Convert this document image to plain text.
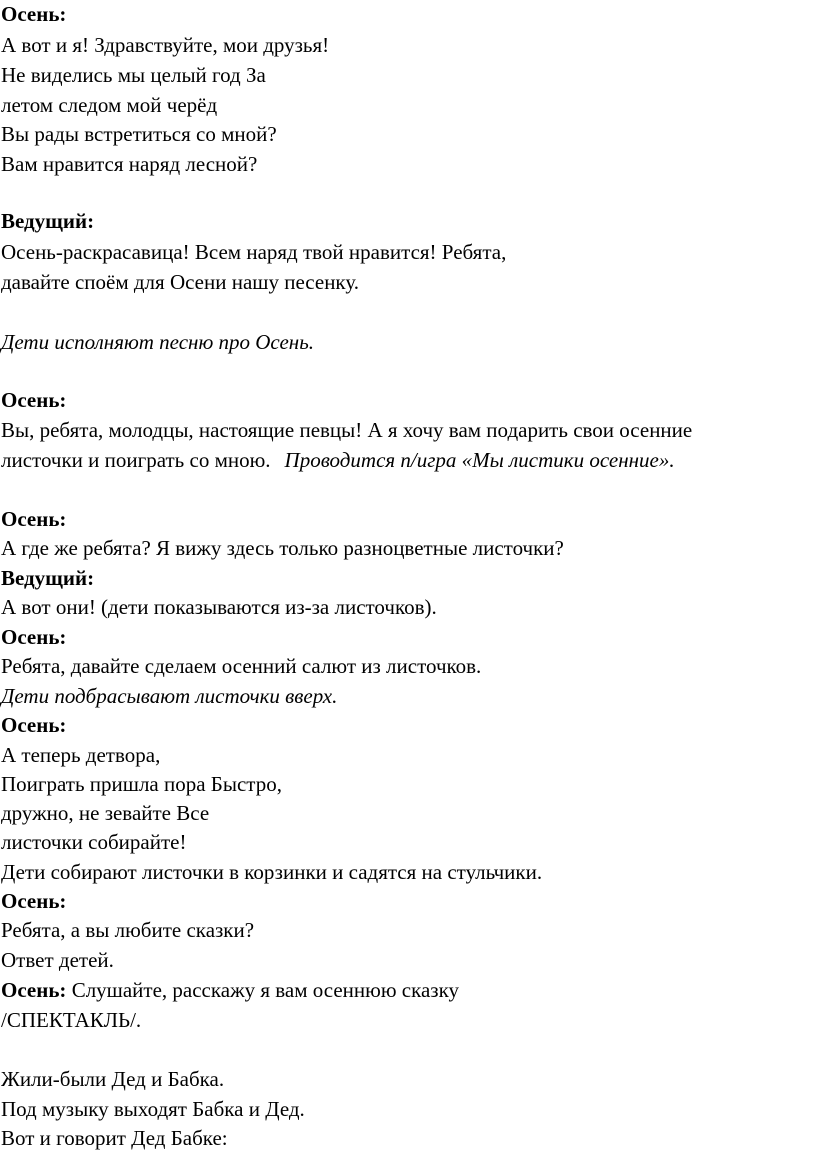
Осень:
А вот и я! Здравствуйте, мои друзья!
Не виделись мы целый год За
летом следом мой черёд
Вы рады встретиться со мной?
Вам нравится наряд лесной?
Ведущий:
Осень-раскрасавица! Всем наряд твой нравится! Ребята,
давайте споём для Осени нашу песенку.
Дети исполняют песню про Осень.
Осень:
Вы, ребята, молодцы, настоящие певцы! А я хочу вам подарить свои осенние
листочки и поиграть со мною. Проводится п/игра «Мы листики осенние».
Осень:
А где же ребята? Я вижу здесь только разноцветные листочки?
Ведущий:
А вот они! (дети показываются из-за листочков).
Осень:
Ребята, давайте сделаем осенний салют из листочков.
Дети подбрасывают листочки вверх.
Осень:
А теперь детвора,
Поиграть пришла пора Быстро,
дружно, не зевайте Все
листочки собирайте!
Дети собирают листочки в корзинки и садятся на стульчики.
Осень:
Ребята, а вы любите сказки?
Ответ детей.
Осень: Слушайте, расскажу я вам осеннюю сказку
/СПЕКТАКЛЬ/.
Жили-были Дед и Бабка.
Под музыку выходят Бабка и Дед.
Вот и говорит Дед Бабке:
